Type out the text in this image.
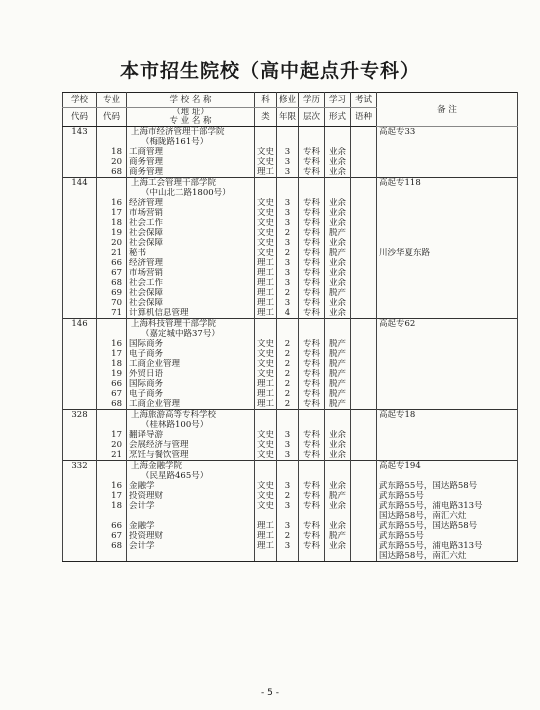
本市招生院校（高中起点升专科）
学校	专业	学 校 名 称	科	修业	学历	学习	考试	备 注
代码	代码	（地 址）
专 业 名 称	类	年限	层次	形式	语种	
143		上海市经济管理干部学院						高起专33
		（梅陇路161号）						
	18	工商管理	文史	3	专科	业余		
	20	商务管理	文史	3	专科	业余		
	68	商务管理	理工	3	专科	业余		
144		上海工会管理干部学院						高起专118
		（中山北二路1800号）						
	16	经济管理	文史	3	专科	业余		
	17	市场营销	文史	3	专科	业余		
	18	社会工作	文史	3	专科	业余		
	19	社会保障	文史	2	专科	脱产		
	20	社会保障	文史	3	专科	业余		
	21	秘书	文史	2	专科	脱产		川沙华夏东路
	66	经济管理	理工	3	专科	业余		
	67	市场营销	理工	3	专科	业余		
	68	社会工作	理工	3	专科	业余		
	69	社会保障	理工	2	专科	脱产		
	70	社会保障	理工	3	专科	业余		
	71	计算机信息管理	理工	4	专科	业余		
146		上海科技管理干部学院						高起专62
		（嘉定城中路37号）						
	16	国际商务	文史	2	专科	脱产		
	17	电子商务	文史	2	专科	脱产		
	18	工商企业管理	文史	2	专科	脱产		
	19	外贸日语	文史	2	专科	脱产		
	66	国际商务	理工	2	专科	脱产		
	67	电子商务	理工	2	专科	脱产		
	68	工商企业管理	理工	2	专科	脱产		
328		上海旅游高等专科学校						高起专18
		（桂林路100号）						
	17	翻译导游	文史	3	专科	业余		
	20	会展经济与管理	文史	3	专科	业余		
	21	烹饪与餐饮管理	文史	3	专科	业余		
332		上海金融学院						高起专194
		（民星路465号）						
	16	金融学	文史	3	专科	业余		武东路55号，国达路58号
	17	投资理财	文史	2	专科	脱产		武东路55号
	18	会计学	文史	3	专科	业余		武东路55号，浦电路313号
								国达路58号，南汇六灶
	66	金融学	理工	3	专科	业余		武东路55号，国达路58号
	67	投资理财	理工	2	专科	脱产		武东路55号
	68	会计学	理工	3	专科	业余		武东路55号，浦电路313号
								国达路58号，南汇六灶
- 5 -
